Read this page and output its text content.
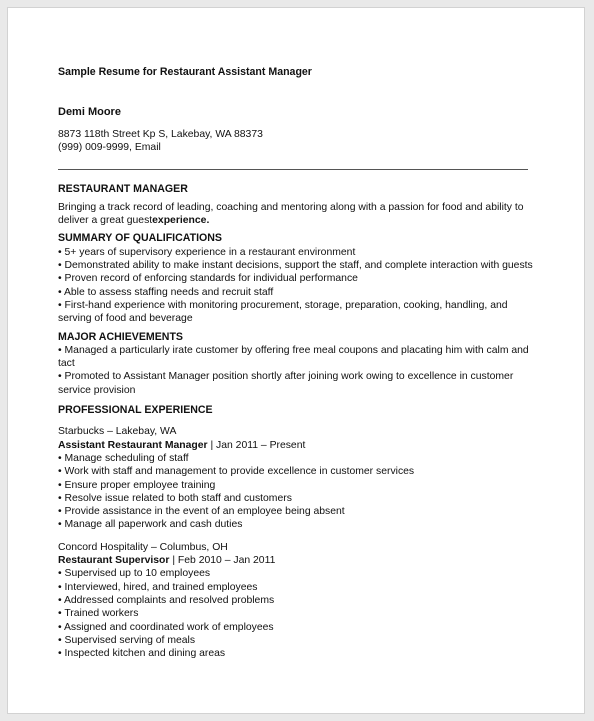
Sample Resume for Restaurant Assistant Manager
Demi Moore
8873 118th Street Kp S, Lakebay, WA 88373
(999) 009-9999, Email
RESTAURANT MANAGER
Bringing a track record of leading, coaching and mentoring along with a passion for food and ability to deliver a great guestexperience.
SUMMARY OF QUALIFICATIONS
• 5+ years of supervisory experience in a restaurant environment
• Demonstrated ability to make instant decisions, support the staff, and complete interaction with guests
• Proven record of enforcing standards for individual performance
• Able to assess staffing needs and recruit staff
• First-hand experience with monitoring procurement, storage, preparation, cooking, handling, and serving of food and beverage
MAJOR ACHIEVEMENTS
• Managed a particularly irate customer by offering free meal coupons and placating him with calm and tact
• Promoted to Assistant Manager position shortly after joining work owing to excellence in customer service provision
PROFESSIONAL EXPERIENCE
Starbucks – Lakebay, WA
Assistant Restaurant Manager | Jan 2011 – Present
• Manage scheduling of staff
• Work with staff and management to provide excellence in customer services
• Ensure proper employee training
• Resolve issue related to both staff and customers
• Provide assistance in the event of an employee being absent
• Manage all paperwork and cash duties
Concord Hospitality – Columbus, OH
Restaurant Supervisor | Feb 2010 – Jan 2011
• Supervised up to 10 employees
• Interviewed, hired, and trained employees
• Addressed complaints and resolved problems
• Trained workers
• Assigned and coordinated work of employees
• Supervised serving of meals
• Inspected kitchen and dining areas
